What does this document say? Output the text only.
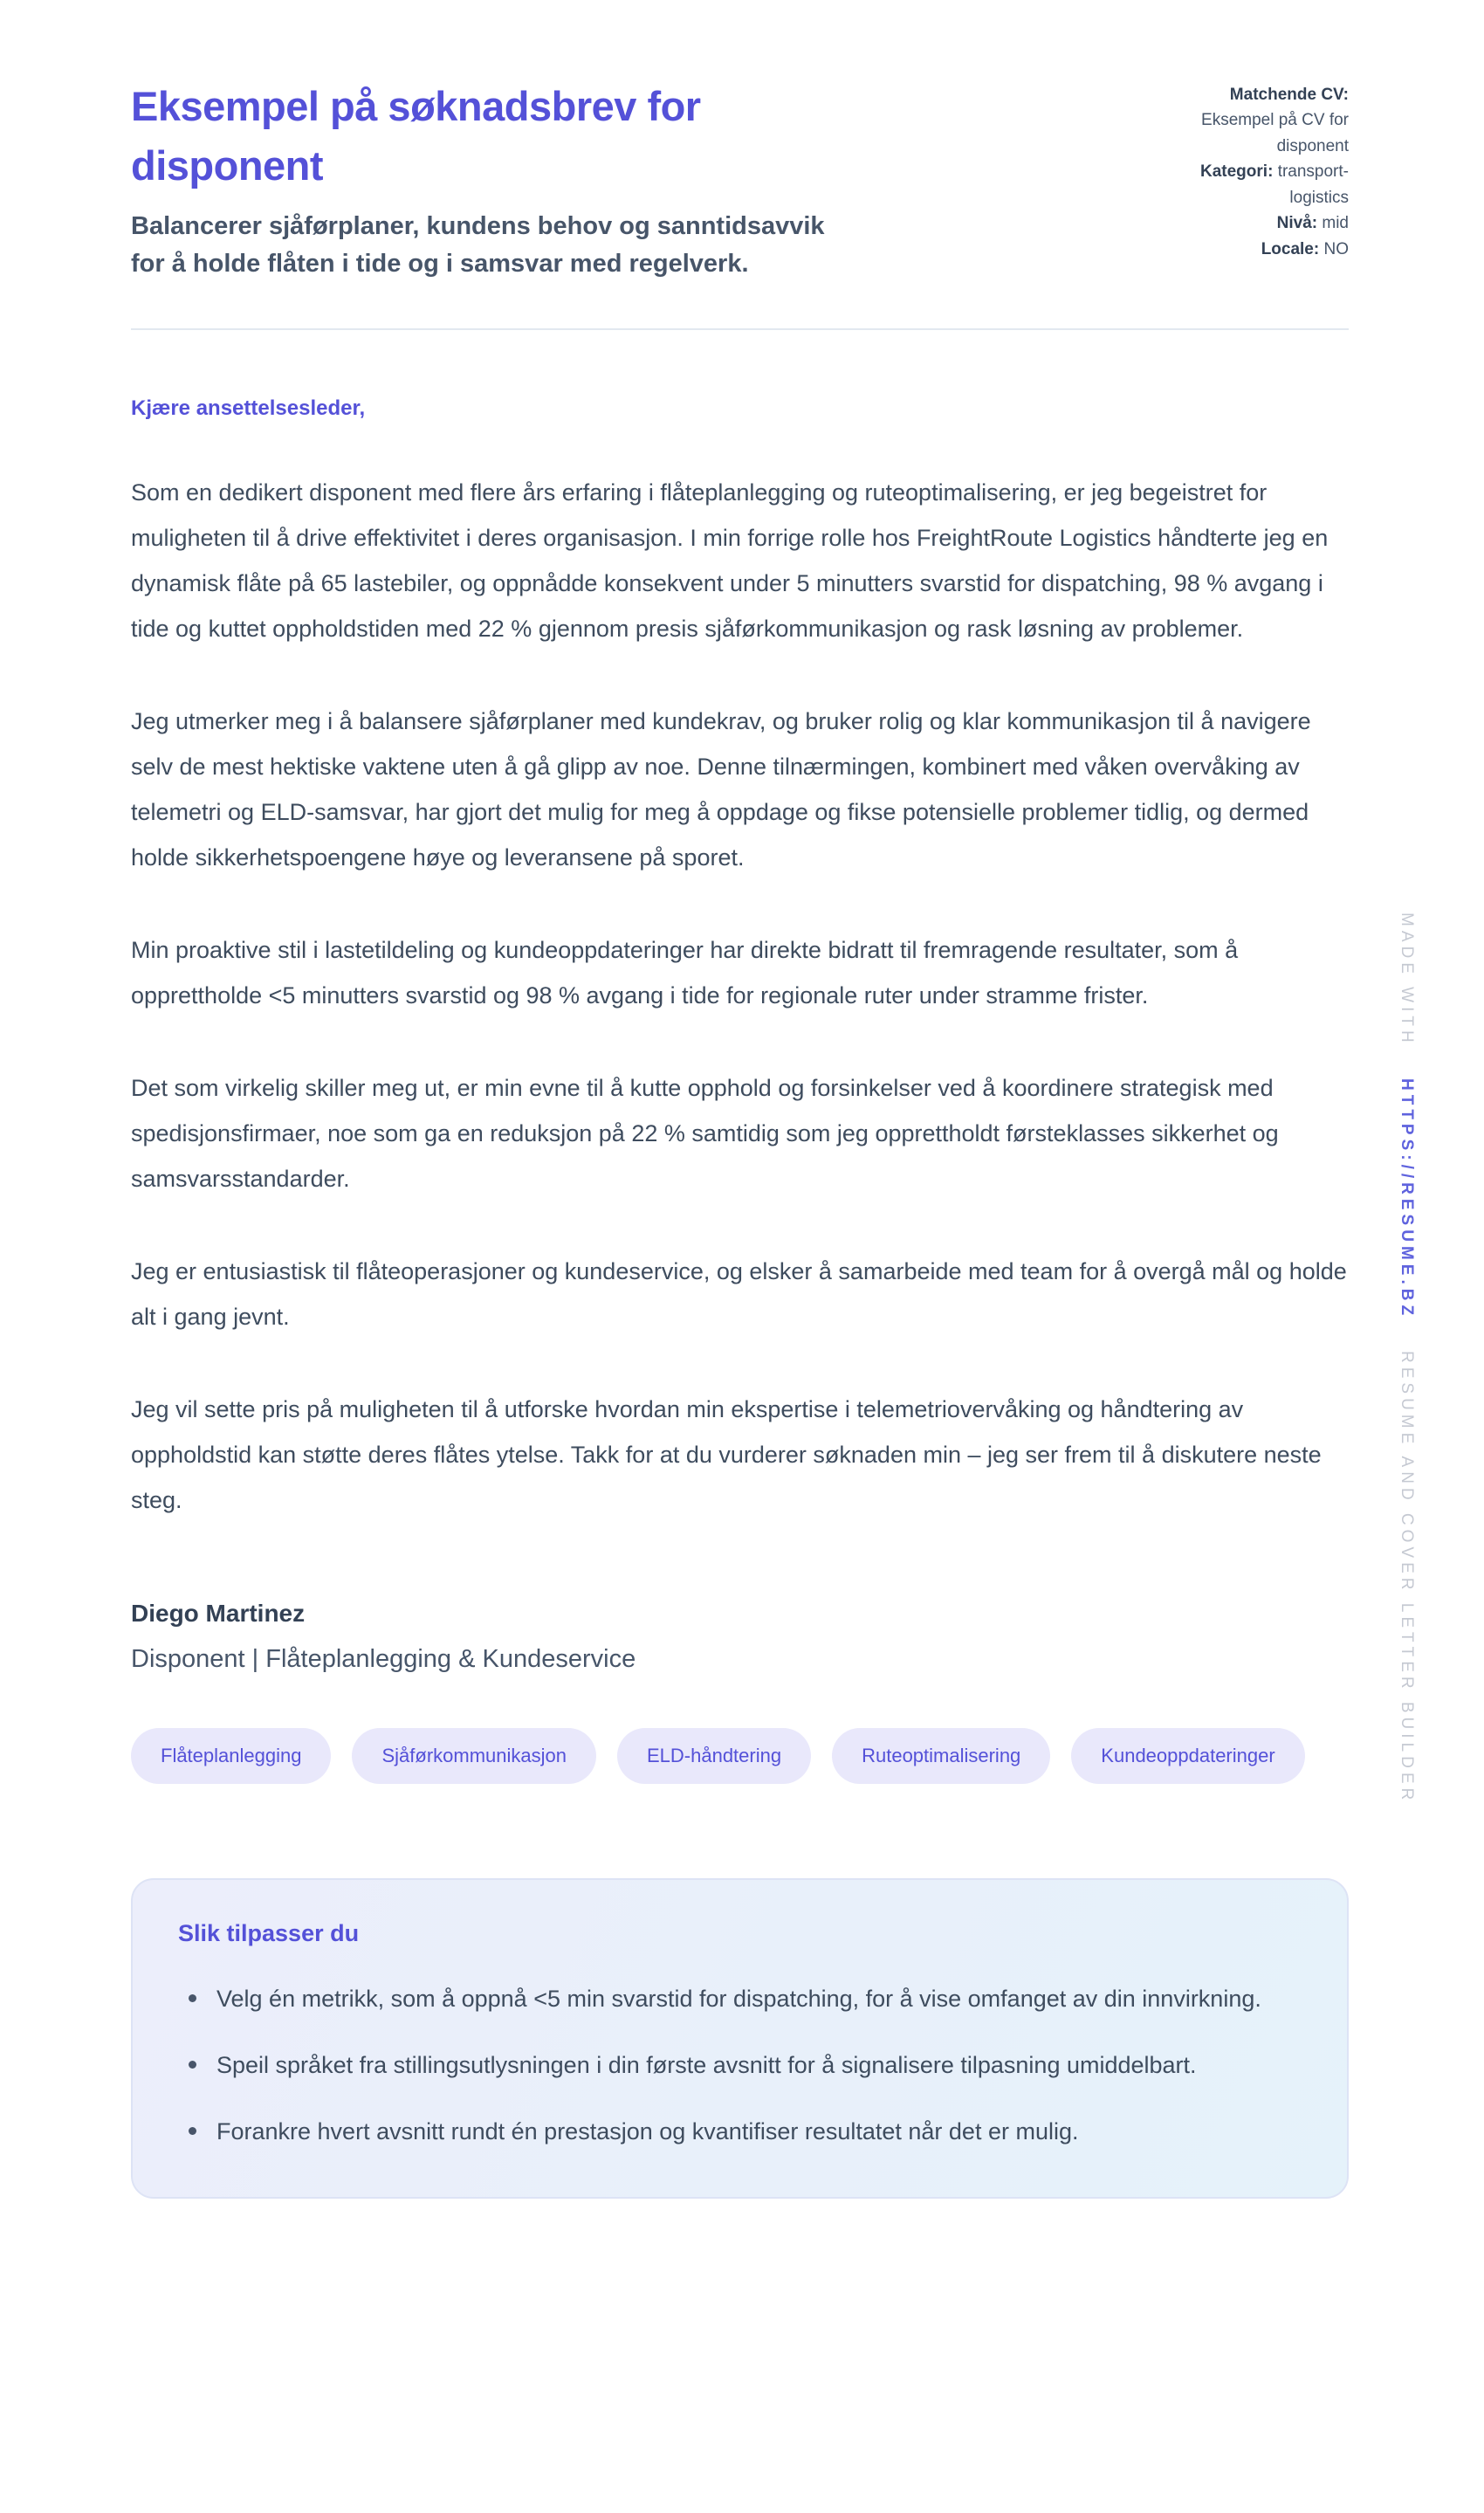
Eksempel på søknadsbrev for disponent

Balancerer sjåførplaner, kundens behov og sanntidsavvik for å holde flåten i tide og i samsvar med regelverk.

Matchende CV: Eksempel på CV for disponent
Kategori: transport-logistics
Nivå: mid
Locale: NO

Kjære ansettelsesleder,

Som en dedikert disponent med flere års erfaring i flåteplanlegging og ruteoptimalisering, er jeg begeistret for muligheten til å drive effektivitet i deres organisasjon. I min forrige rolle hos FreightRoute Logistics håndterte jeg en dynamisk flåte på 65 lastebiler, og oppnådde konsekvent under 5 minutters svarstid for dispatching, 98 % avgang i tide og kuttet oppholdstiden med 22 % gjennom presis sjåførkommunikasjon og rask løsning av problemer.

Jeg utmerker meg i å balansere sjåførplaner med kundekrav, og bruker rolig og klar kommunikasjon til å navigere selv de mest hektiske vaktene uten å gå glipp av noe. Denne tilnærmingen, kombinert med våken overvåking av telemetri og ELD-samsvar, har gjort det mulig for meg å oppdage og fikse potensielle problemer tidlig, og dermed holde sikkerhetspoengene høye og leveransene på sporet.

Min proaktive stil i lastetildeling og kundeoppdateringer har direkte bidratt til fremragende resultater, som å opprettholde <5 minutters svarstid og 98 % avgang i tide for regionale ruter under stramme frister.

Det som virkelig skiller meg ut, er min evne til å kutte opphold og forsinkelser ved å koordinere strategisk med spedisjonsfirmaer, noe som ga en reduksjon på 22 % samtidig som jeg opprettholdt førsteklasses sikkerhet og samsvarsstandarder.

Jeg er entusiastisk til flåteoperasjoner og kundeservice, og elsker å samarbeide med team for å overgå mål og holde alt i gang jevnt.

Jeg vil sette pris på muligheten til å utforske hvordan min ekspertise i telemetriovervåking og håndtering av oppholdstid kan støtte deres flåtes ytelse. Takk for at du vurderer søknaden min – jeg ser frem til å diskutere neste steg.

Diego Martinez

Disponent | Flåteplanlegging & Kundeservice

Flåteplanlegging	Sjåførkommunikasjon	ELD-håndtering	Ruteoptimalisering	Kundeoppdateringer
Slik tilpasser du
Velg én metrikk, som å oppnå <5 min svarstid for dispatching, for å vise omfanget av din innvirkning.
Speil språket fra stillingsutlysningen i din første avsnitt for å signalisere tilpasning umiddelbart.
Forankre hvert avsnitt rundt én prestasjon og kvantifiser resultatet når det er mulig.
MADE WITH HTTPS://RESUME.BZ RESUME AND COVER LETTER BUILDER
